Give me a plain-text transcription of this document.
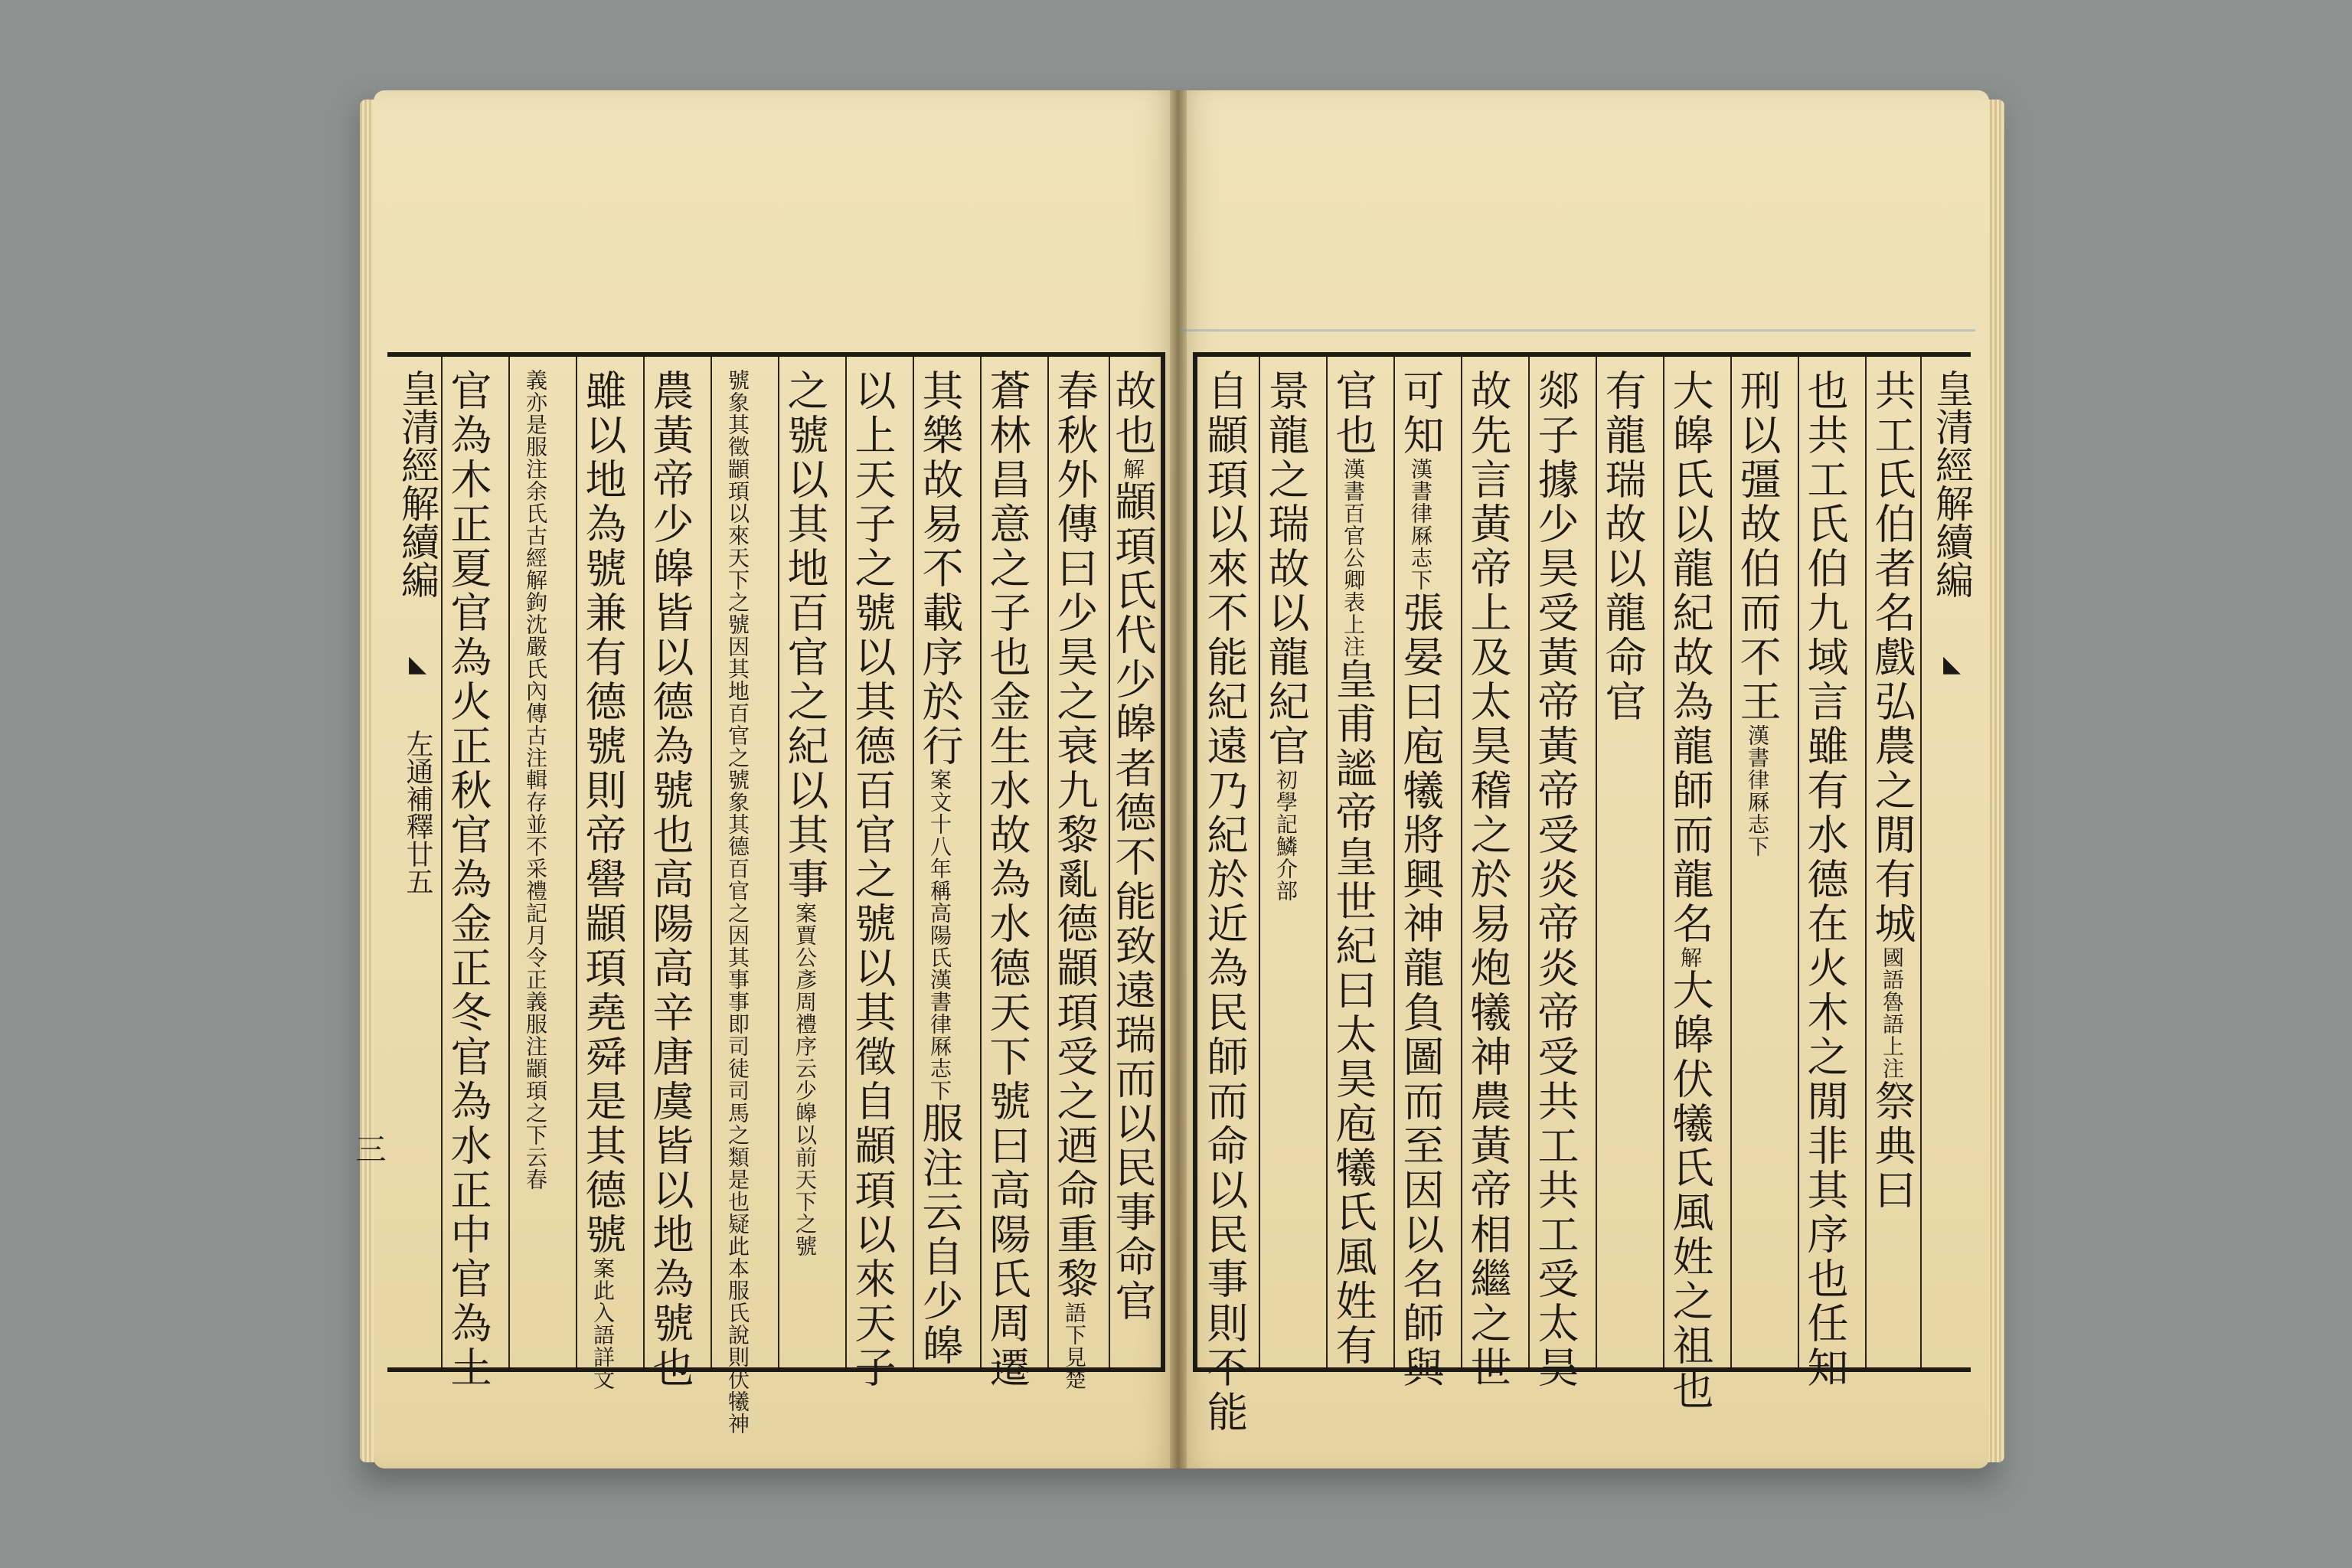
皇清經解續編 ◣ 左通補釋廿五 官為木正夏官為火正秋官為金正冬官為水正中官為土	義亦是服注余氏古經解鉤沈嚴氏內傳古注輯存並不采禮記月令正義服注顓頊之下云春 雖以地為號兼有德號則帝嚳顓頊堯舜是其德號案此入語詳文 農黃帝少皞皆以德為號也高陽高辛唐虞皆以地為號也	號象其徵顓頊以來天下之號因其地百官之號象其德百官之因其事事即司徒司馬之類是也疑此本服氏說則伏犧神 之號以其地百官之紀以其事案賈公彥周禮序云少皞以前天下之號 以上天子之號以其德百官之號以其徵自顓頊以來天子 其樂故易不載序於行案文十八年稱高陽氏漢書律厤志下服注云自少皞 蒼林昌意之子也金生水故為水德天下號曰高陽氏周遷 春秋外傳曰少昊之衰九黎亂德顓頊受之迺命重黎語下見楚
故也解顓頊氏代少皞者德不能致遠瑞而以民事命官
三	自顓頊以來不能紀遠乃紀於近為民師而命以民事則不能 景龍之瑞故以龍紀官初學記鱗介部
官也漢書百官公卿表上注皇甫謐帝皇世紀曰太昊庖犧氏風姓有
可知漢書律厤志下張晏曰庖犧將興神龍負圖而至因以名師與 故先言黃帝上及太昊稽之於易炮犧神農黃帝相繼之世 郯子據少昊受黃帝黃帝受炎帝炎帝受共工共工受太昊 有龍瑞故以龍命官 大皞氏以龍紀故為龍師而龍名解大皞伏犧氏風姓之祖也
刑以彊故伯而不王漢書律厤志下 也共工氏伯九域言雖有水德在火木之閒非其序也任知 共工氏伯者名戲弘農之閒有城國語魯語上注祭典曰
皇清經解續編 ◣
